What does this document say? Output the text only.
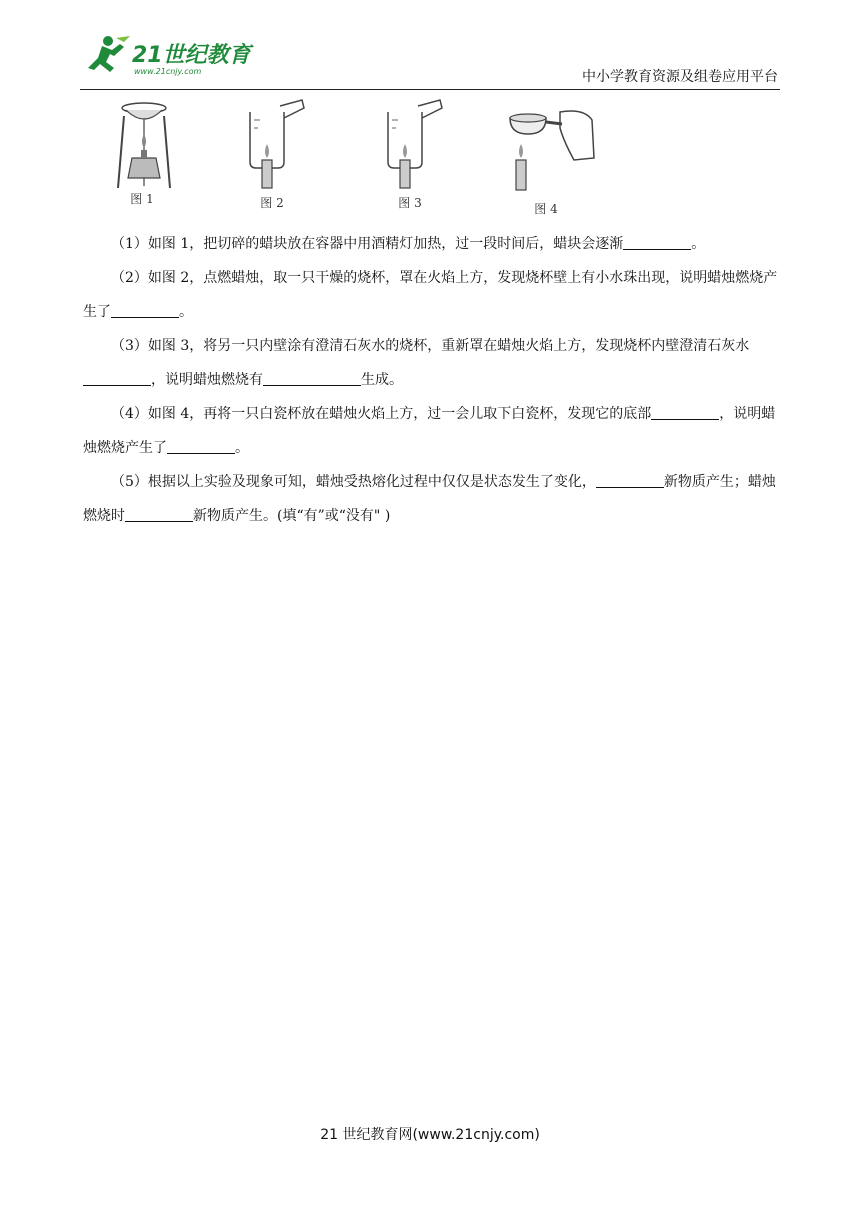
21世纪教育
www.21cnjy.com	中小学教育资源及组卷应用平台
图 1	图 2	图 3	图 4

（1）如图 1，把切碎的蜡块放在容器中用酒精灯加热，过一段时间后，蜡块会逐渐	。

（2）如图 2，点燃蜡烛，取一只干燥的烧杯，罩在火焰上方，发现烧杯壁上有小水珠出现，说明蜡烛燃烧产生了	。

（3）如图 3，将另一只内壁涂有澄清石灰水的烧杯，重新罩在蜡烛火焰上方，发现烧杯内壁澄清石灰水，说明蜡烛燃烧有	生成。

（4）如图 4，再将一只白瓷杯放在蜡烛火焰上方，过一会儿取下白瓷杯，发现它的底部	，说明蜡烛燃烧产生了	。

（5）根据以上实验及现象可知，蜡烛受热熔化过程中仅仅是状态发生了变化，	新物质产生；蜡烛燃烧时	新物质产生。(填“有”或“没有" )

21 世纪教育网(www.21cnjy.com)
